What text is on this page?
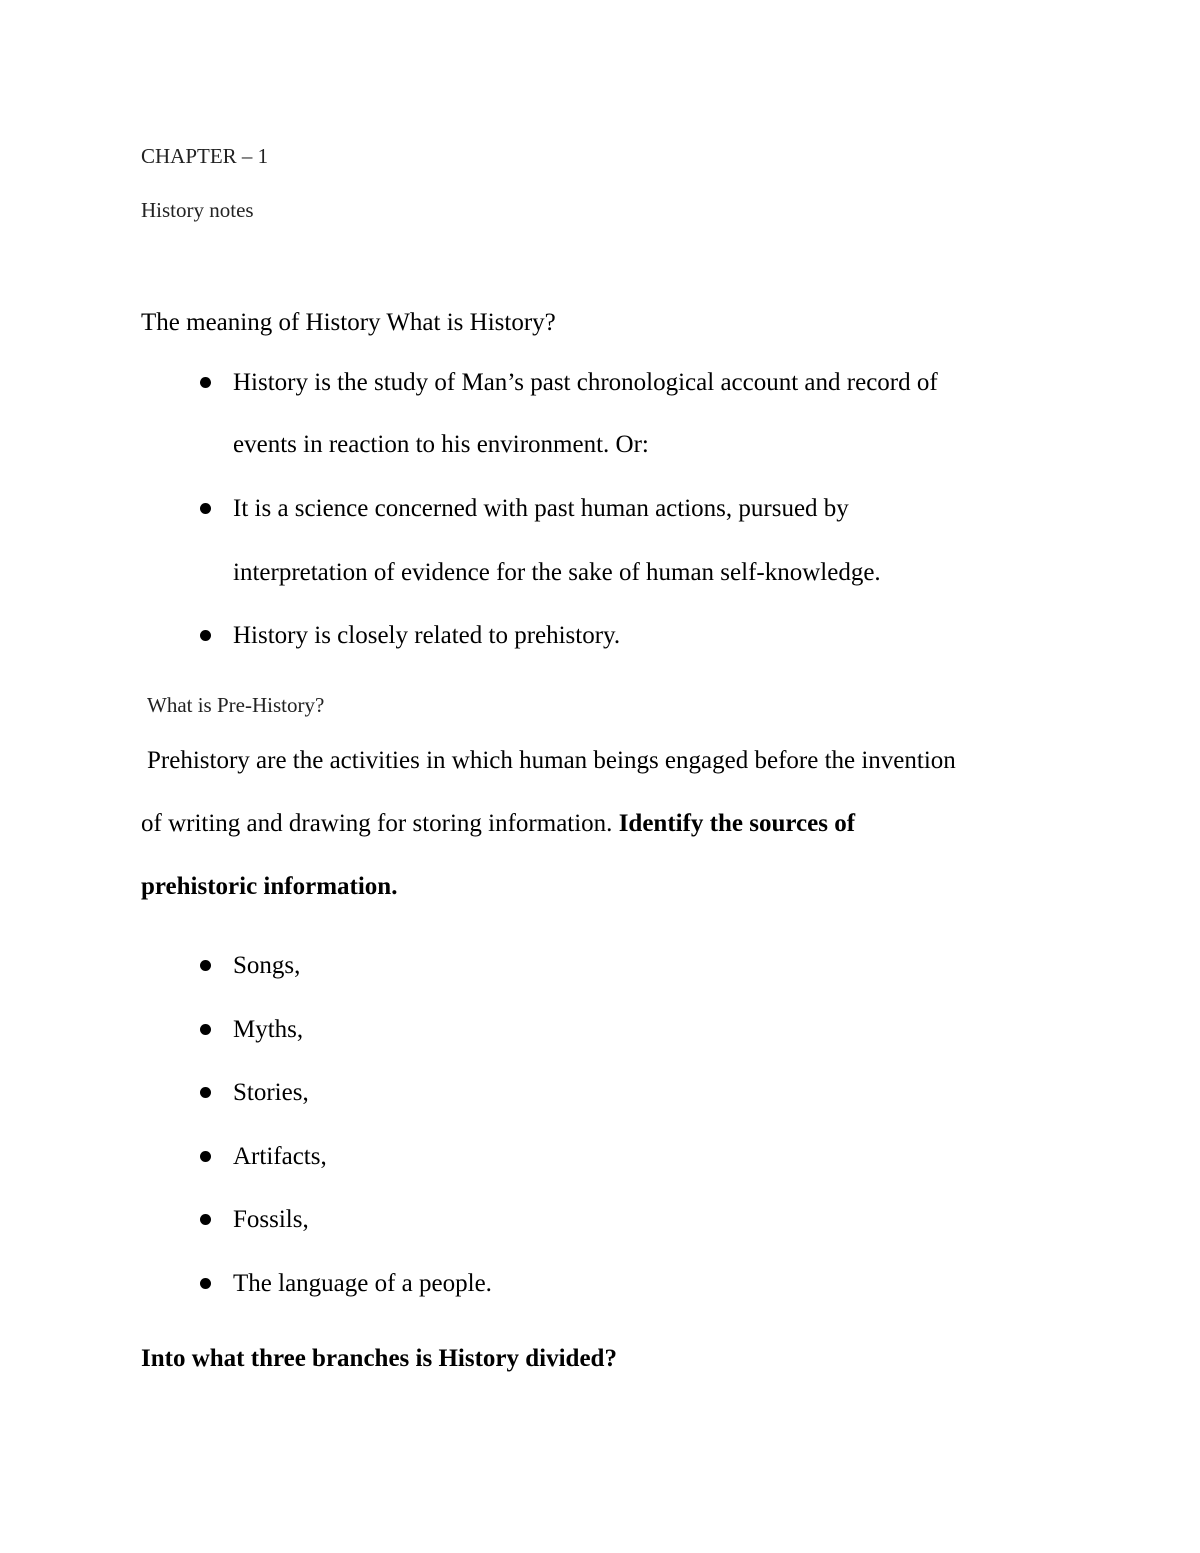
CHAPTER – 1
History notes
The meaning of History What is History?
History is the study of Man’s past chronological account and record of
events in reaction to his environment. Or:
It is a science concerned with past human actions, pursued by
interpretation of evidence for the sake of human self-knowledge.
History is closely related to prehistory.
What is Pre-History?
Prehistory are the activities in which human beings engaged before the invention
of writing and drawing for storing information. Identify the sources of
prehistoric information.
Songs,
Myths,
Stories,
Artifacts,
Fossils,
The language of a people.
Into what three branches is History divided?
